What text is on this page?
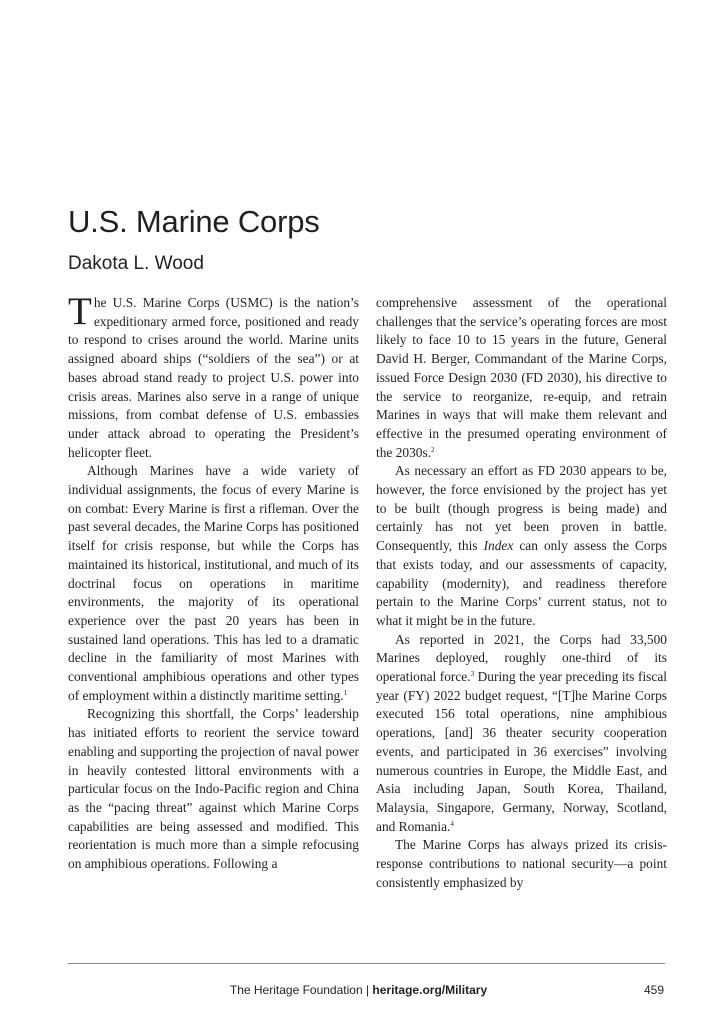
U.S. Marine Corps
Dakota L. Wood

The U.S. Marine Corps (USMC) is the nation’s expeditionary armed force, positioned and ready to respond to crises around the world. Marine units assigned aboard ships (“soldiers of the sea”) or at bases abroad stand ready to project U.S. power into crisis areas. Marines also serve in a range of unique missions, from combat defense of U.S. embassies under attack abroad to operating the President’s helicopter fleet.

Although Marines have a wide variety of individual assignments, the focus of every Marine is on combat: Every Marine is first a rifleman. Over the past several decades, the Marine Corps has positioned itself for crisis response, but while the Corps has maintained its historical, institutional, and much of its doctrinal focus on operations in maritime environments, the majority of its operational experience over the past 20 years has been in sustained land operations. This has led to a dramatic decline in the familiarity of most Marines with conventional amphibious operations and other types of employment within a distinctly maritime setting.$^1$

Recognizing this shortfall, the Corps’ leadership has initiated efforts to reorient the service toward enabling and supporting the projection of naval power in heavily contested littoral environments with a particular focus on the Indo-Pacific region and China as the “pacing threat” against which Marine Corps capabilities are being assessed and modified. This reorientation is much more than a simple refocusing on amphibious operations. Following a

comprehensive assessment of the operational challenges that the service’s operating forces are most likely to face 10 to 15 years in the future, General David H. Berger, Commandant of the Marine Corps, issued Force Design 2030 (FD 2030), his directive to the service to reorganize, re-equip, and retrain Marines in ways that will make them relevant and effective in the presumed operating environment of the 2030s.$^2$

As necessary an effort as FD 2030 appears to be, however, the force envisioned by the project has yet to be built (though progress is being made) and certainly has not yet been proven in battle. Consequently, this Index can only assess the Corps that exists today, and our assessments of capacity, capability (modernity), and readiness therefore pertain to the Marine Corps’ current status, not to what it might be in the future.

As reported in 2021, the Corps had 33,500 Marines deployed, roughly one-third of its operational force.$^3$ During the year preceding its fiscal year (FY) 2022 budget request, “[T]he Marine Corps executed 156 total operations, nine amphibious operations, [and] 36 theater security cooperation events, and participated in 36 exercises” involving numerous countries in Europe, the Middle East, and Asia including Japan, South Korea, Thailand, Malaysia, Singapore, Germany, Norway, Scotland, and Romania.$^4$

The Marine Corps has always prized its crisis-response contributions to national security—a point consistently emphasized by

The Heritage Foundation | heritage.org/Military	459
